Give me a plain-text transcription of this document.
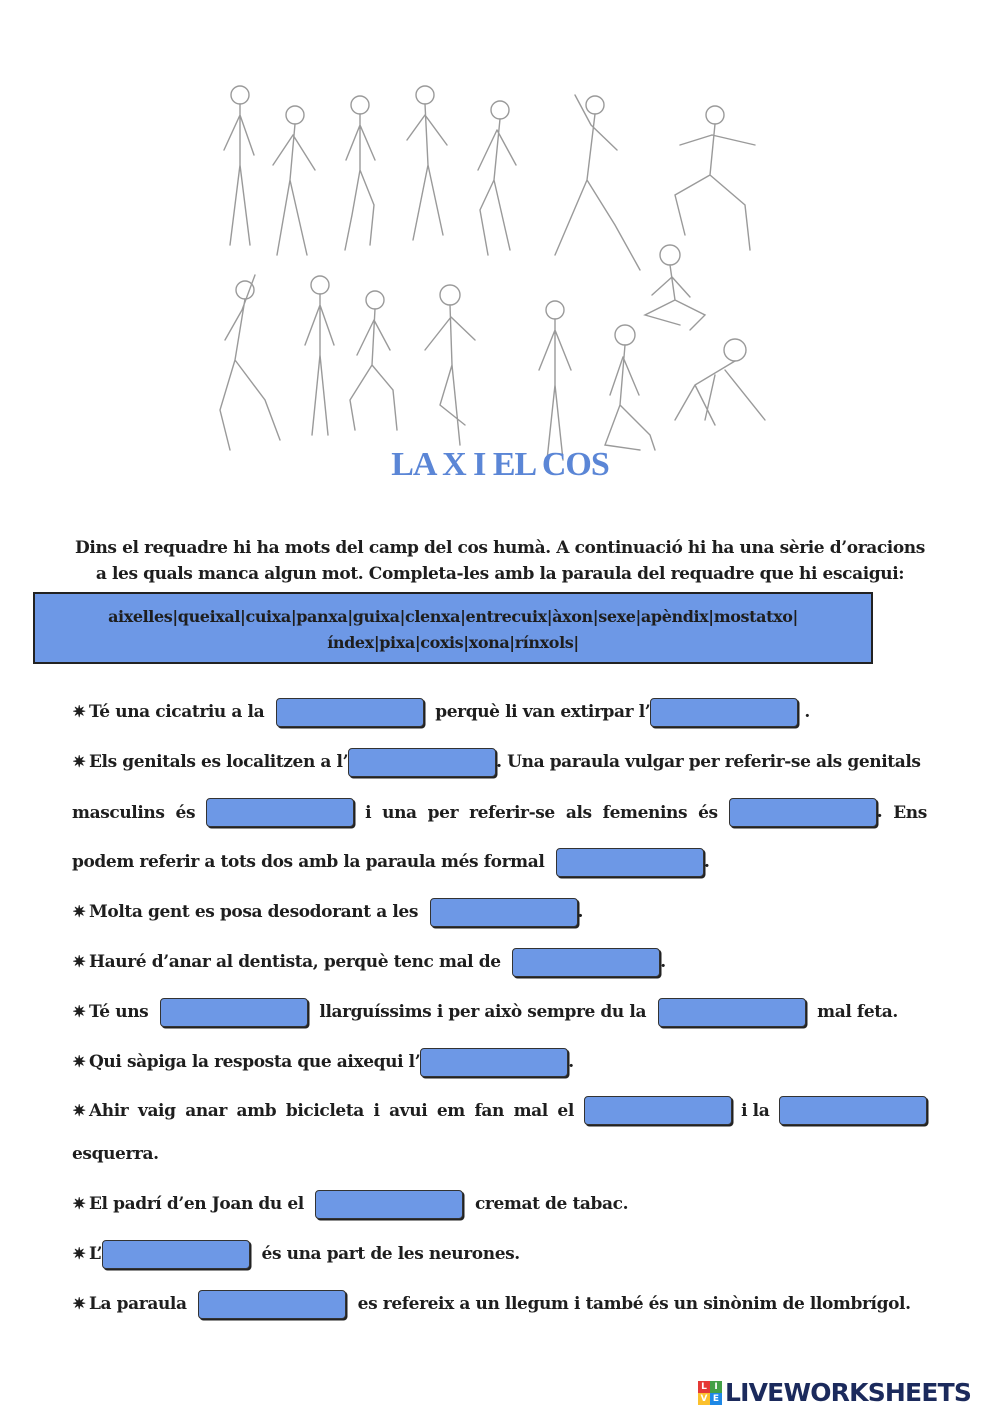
LA X I EL COS
Dins el requadre hi ha mots del camp del cos humà. A continuació hi ha una sèrie d’oracions
a les quals manca algun mot. Completa-les amb la paraula del requadre que hi escaigui:
aixelles|queixal|cuixa|panxa|guixa|clenxa|entrecuix|àxon|sexe|apèndix|mostatxo|
índex|pixa|coxis|xona|rínxols|
✷ Té una cicatriu a la	perquè li van extirpar l’	.
✷ Els genitals es localitzen a l’	. Una paraula vulgar per referir-se als genitals
masculins és	i una per referir-se als femenins és	. Ens
podem referir a tots dos amb la paraula més formal	.
✷ Molta gent es posa desodorant a les	.
✷ Hauré d’anar al dentista, perquè tenc mal de	.
✷ Té uns	llarguíssims i per això sempre du la	mal feta.
✷ Qui sàpiga la resposta que aixequi l’	.
✷ Ahir vaig anar amb bicicleta i avui em fan mal el	i la
esquerra.
✷ El padrí d’en Joan du el	cremat de tabac.
✷ L’	és una part de les neurones.
✷ La paraula	es refereix a un llegum i també és un sinònim de llombrígol.
L I
V E LIVEWORKSHEETS
